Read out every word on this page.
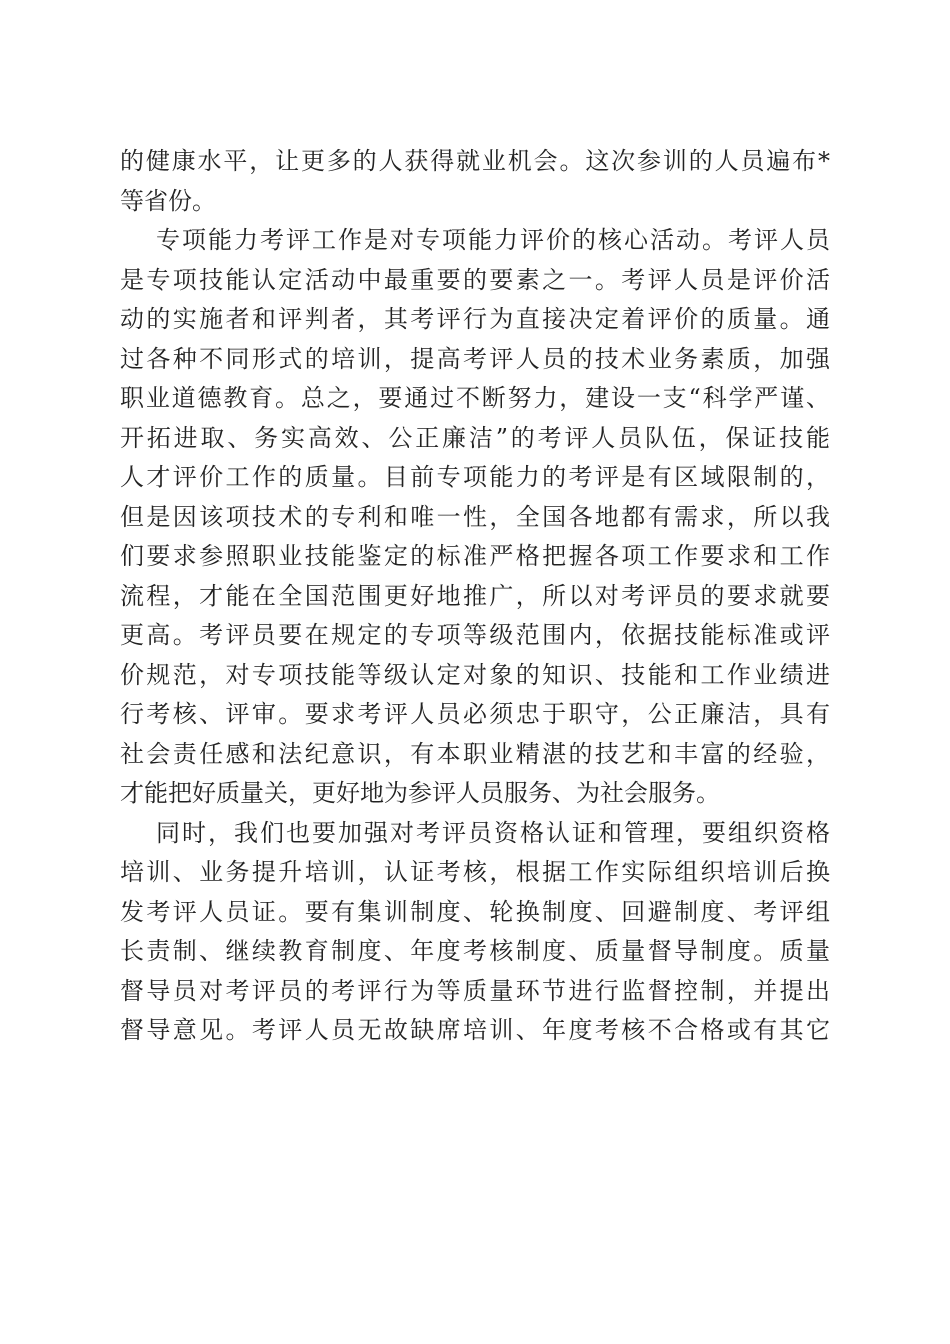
的健康水平，让更多的人获得就业机会。这次参训的人员遍布*
等省份。
专项能力考评工作是对专项能力评价的核心活动。考评人员
是专项技能认定活动中最重要的要素之一。考评人员是评价活
动的实施者和评判者，其考评行为直接决定着评价的质量。通
过各种不同形式的培训，提高考评人员的技术业务素质，加强
职业道德教育。总之，要通过不断努力，建设一支“科学严谨、
开拓进取、务实高效、公正廉洁”的考评人员队伍，保证技能
人才评价工作的质量。目前专项能力的考评是有区域限制的，
但是因该项技术的专利和唯一性，全国各地都有需求，所以我
们要求参照职业技能鉴定的标准严格把握各项工作要求和工作
流程，才能在全国范围更好地推广，所以对考评员的要求就要
更高。考评员要在规定的专项等级范围内，依据技能标准或评
价规范，对专项技能等级认定对象的知识、技能和工作业绩进
行考核、评审。要求考评人员必须忠于职守，公正廉洁，具有
社会责任感和法纪意识，有本职业精湛的技艺和丰富的经验，
才能把好质量关，更好地为参评人员服务、为社会服务。
同时，我们也要加强对考评员资格认证和管理，要组织资格
培训、业务提升培训，认证考核，根据工作实际组织培训后换
发考评人员证。要有集训制度、轮换制度、回避制度、考评组
长责制、继续教育制度、年度考核制度、质量督导制度。质量
督导员对考评员的考评行为等质量环节进行监督控制，并提出
督导意见。考评人员无故缺席培训、年度考核不合格或有其它
